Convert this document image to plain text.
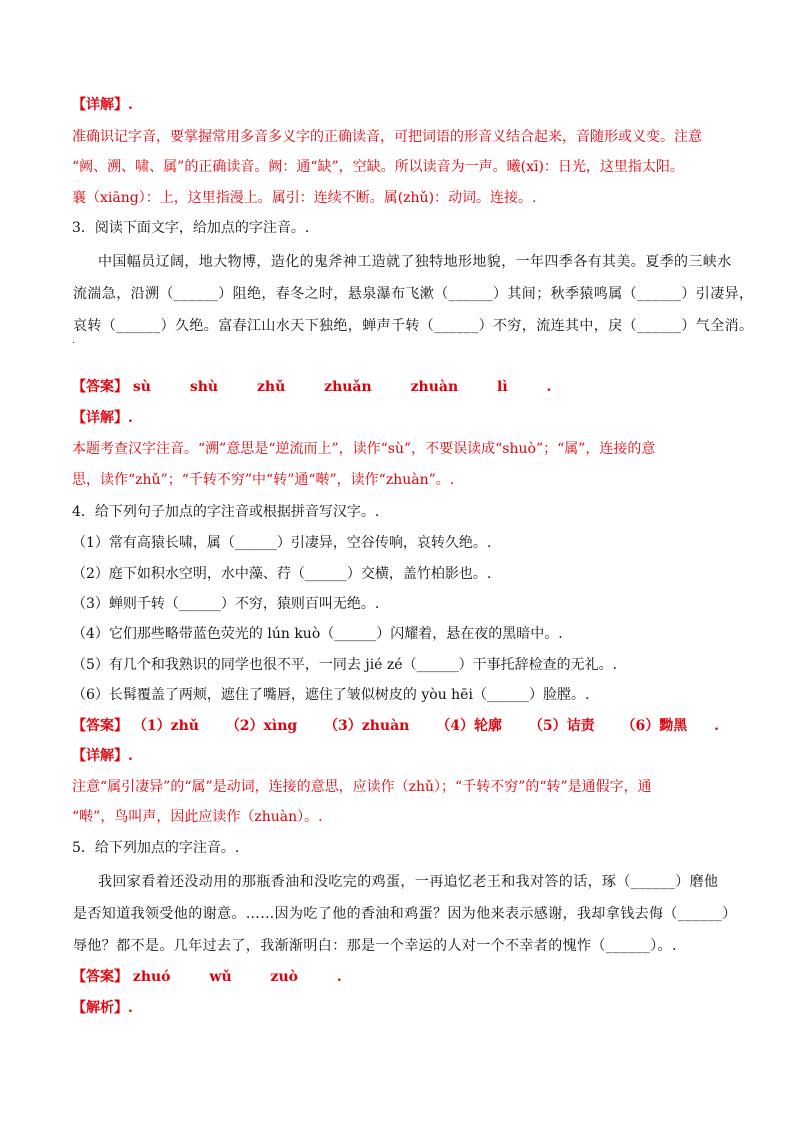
【详解】.
准确识记字音，要掌握常用多音多义字的正确读音，可把词语的形音义结合起来，音随形或义变。注意
“阙、溯、啸、属”的正确读音。阙：通“缺”，空缺。所以读音为一声。曦(xī)：日光，这里指太阳。
襄（xiāng）：上，这里指漫上。属引：连续不断。属(zhǔ)：动词。连接。.
3．阅读下面文字，给加点的字注音。.
中国幅员辽阔，地大物博，造化的鬼斧神工造就了独特地形地貌，一年四季各有其美。夏季的三峡水
流湍急，沿溯（______）阻绝，春冬之时，悬泉瀑布飞漱（______）其间；秋季猿鸣属（______）引凄异，
哀转（______）久绝。富春江山水天下独绝，蝉声千转（______）不穷，流连其中，戾（______）气全消。
.
【答案】 sù	shù	zhǔ	zhuǎn	zhuàn	lì	.
【详解】.
本题考查汉字注音。“溯”意思是“逆流而上”，读作“sù”，不要误读成“shuò”；“属”，连接的意
思，读作“zhǔ”；“千转不穷”中“转”通“啭”，读作“zhuàn”。.
4．给下列句子加点的字注音或根据拼音写汉字。.
（1）常有高猿长啸，属（______）引凄异，空谷传响，哀转久绝。.
（2）庭下如积水空明，水中藻、荇（______）交横，盖竹柏影也。.
（3）蝉则千转（______）不穷，猿则百叫无绝。.
（4）它们那些略带蓝色荧光的 lún kuò（______）闪耀着，悬在夜的黑暗中。.
（5）有几个和我熟识的同学也很不平，一同去 jié zé（______）干事托辞检查的无礼。.
（6）长髯覆盖了两颊，遮住了嘴唇，遮住了皱似树皮的 yòu hēi（______）脸膛。.
【答案】 （1）zhǔ （2）xìng （3）zhuàn （4）轮廓 （5）诘责 （6）黝黑 .
【详解】.
注意“属引凄异”的“属”是动词，连接的意思，应读作（zhǔ）；“千转不穷”的“转”是通假字，通
“啭”，鸟叫声，因此应读作（zhuàn）。.
5．给下列加点的字注音。.
我回家看着还没动用的那瓶香油和没吃完的鸡蛋，一再追忆老王和我对答的话，琢（______）磨他
是否知道我领受他的谢意。……因为吃了他的香油和鸡蛋？因为他来表示感谢，我却拿钱去侮（______）
辱他？都不是。几年过去了，我渐渐明白：那是一个幸运的人对一个不幸者的愧怍（______）。.
【答案】 zhuó	wǔ	zuò	.
【解析】.
